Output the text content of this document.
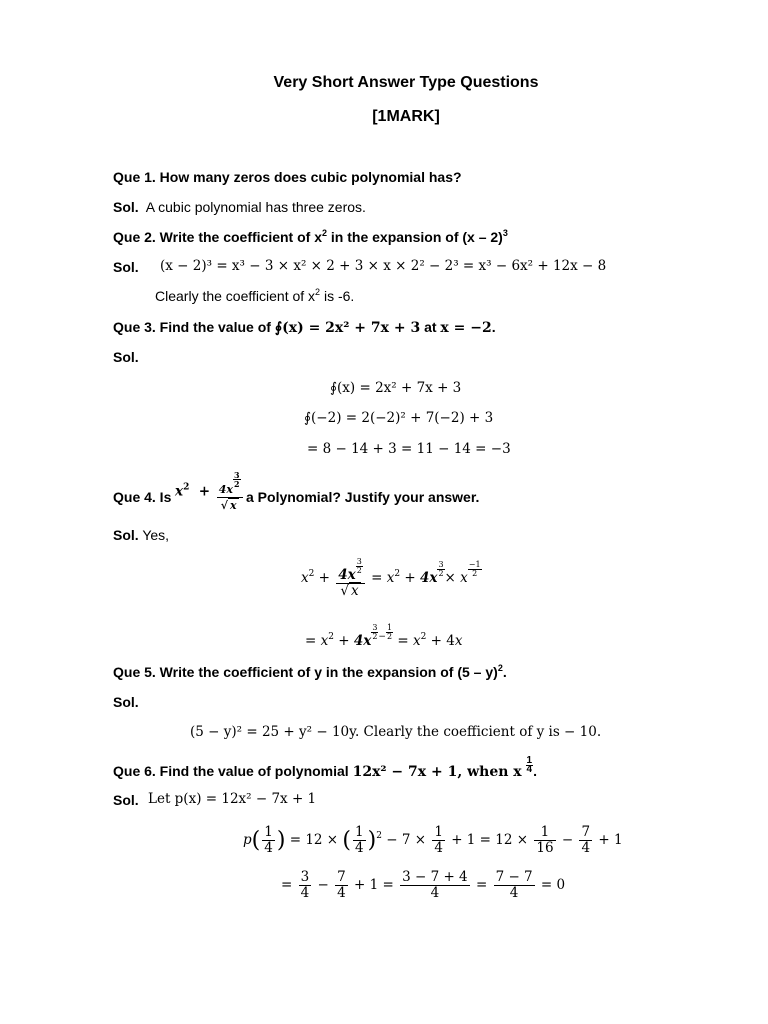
Very Short Answer Type Questions
[1MARK]
Que 1. How many zeros does cubic polynomial has?
Sol. A cubic polynomial has three zeros.
Que 2. Write the coefficient of $x^2$ in the expansion of (x – 2)$^3$
Sol. (x − 2)³ = x³ − 3 × x² × 2 + 3 × x × 2² − 2³ = x³ − 6x² + 12x − 8
Clearly the coefficient of $x^2$ is -6.
Que 3. Find the value of ∮(x) = 2x² + 7x + 3 at x = −2.
Sol.
∮(x) = 2x² + 7x + 3
∮(−2) = 2(−2)² + 7(−2) + 3
= 8 − 14 + 3 = 11 − 14 = −3
Que 4. Is $x^2 + 4x$
$\frac{3}{2}$
√ x a Polynomial? Justify your answer.
Sol. Yes,
$x^2 + \frac{4x \frac{3}{2}}{√ x} = x^2 + 4x \frac{3}{2} \times x \frac{-1}{2}$
= $x^2 + 4x \frac{3}{2} ^- \frac{1}{2} = x^2 + 4x$
Que 5. Write the coefficient of y in the expansion of (5 – y)$^2$.
Sol.
(5 − y)² = 25 + y² − 10y. Clearly the coefficient of y is − 10.
Que 6. Find the value of polynomial 12x² − 7x + 1, when x $\frac{1}{4}$ .
Sol. Let p(x) = 12x² − 7x + 1
$p( \frac{1}{4}$ ) = 12 × ( $\frac{1}{4} )^2 - 7 \times \frac{1}{4} + 1 = 12 \times \frac{1}{16} - \frac{7}{4} + 1$
= $\frac{3}{4} - \frac{7}{4} + 1 = \frac{3 - 7 + 4}{4} = \frac{7 - 7}{4} = 0$
